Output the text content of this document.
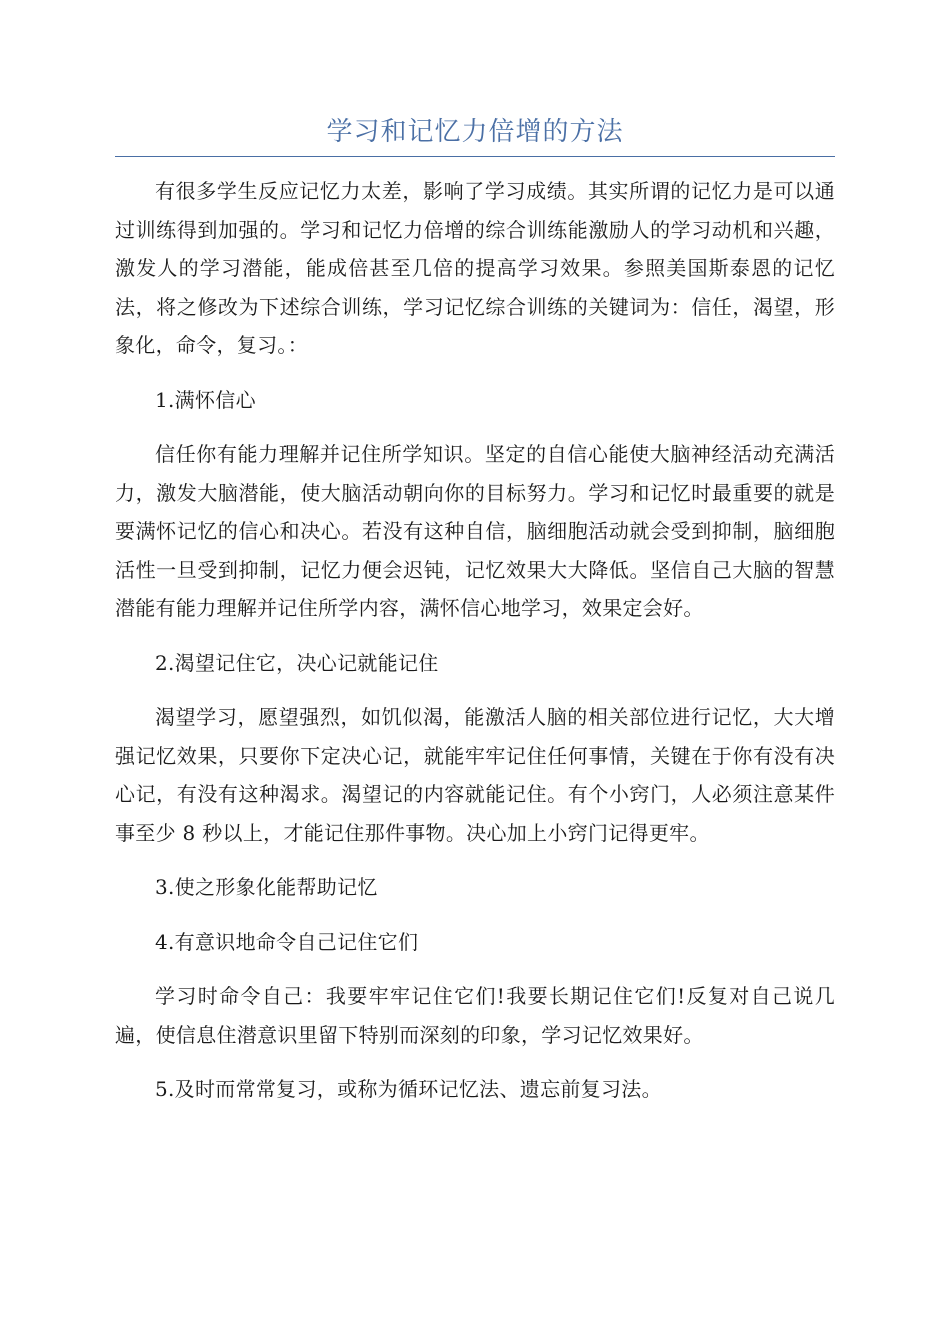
学习和记忆力倍增的方法

有很多学生反应记忆力太差，影响了学习成绩。其实所谓的记忆力是可以通过训练得到加强的。学习和记忆力倍增的综合训练能激励人的学习动机和兴趣，激发人的学习潜能，能成倍甚至几倍的提高学习效果。参照美国斯泰恩的记忆法，将之修改为下述综合训练，学习记忆综合训练的关键词为：信任，渴望，形象化，命令，复习。：

1.满怀信心

信任你有能力理解并记住所学知识。坚定的自信心能使大脑神经活动充满活力，激发大脑潜能，使大脑活动朝向你的目标努力。学习和记忆时最重要的就是要满怀记忆的信心和决心。若没有这种自信，脑细胞活动就会受到抑制，脑细胞活性一旦受到抑制，记忆力便会迟钝，记忆效果大大降低。坚信自己大脑的智慧潜能有能力理解并记住所学内容，满怀信心地学习，效果定会好。

2.渴望记住它，决心记就能记住

渴望学习，愿望强烈，如饥似渴，能激活人脑的相关部位进行记忆，大大增强记忆效果，只要你下定决心记，就能牢牢记住任何事情，关键在于你有没有决心记，有没有这种渴求。渴望记的内容就能记住。有个小窍门，人必须注意某件事至少 8 秒以上，才能记住那件事物。决心加上小窍门记得更牢。

3.使之形象化能帮助记忆

4.有意识地命令自己记住它们

学习时命令自己：我要牢牢记住它们!我要长期记住它们!反复对自己说几遍，使信息住潜意识里留下特别而深刻的印象，学习记忆效果好。

5.及时而常常复习，或称为循环记忆法、遗忘前复习法。
